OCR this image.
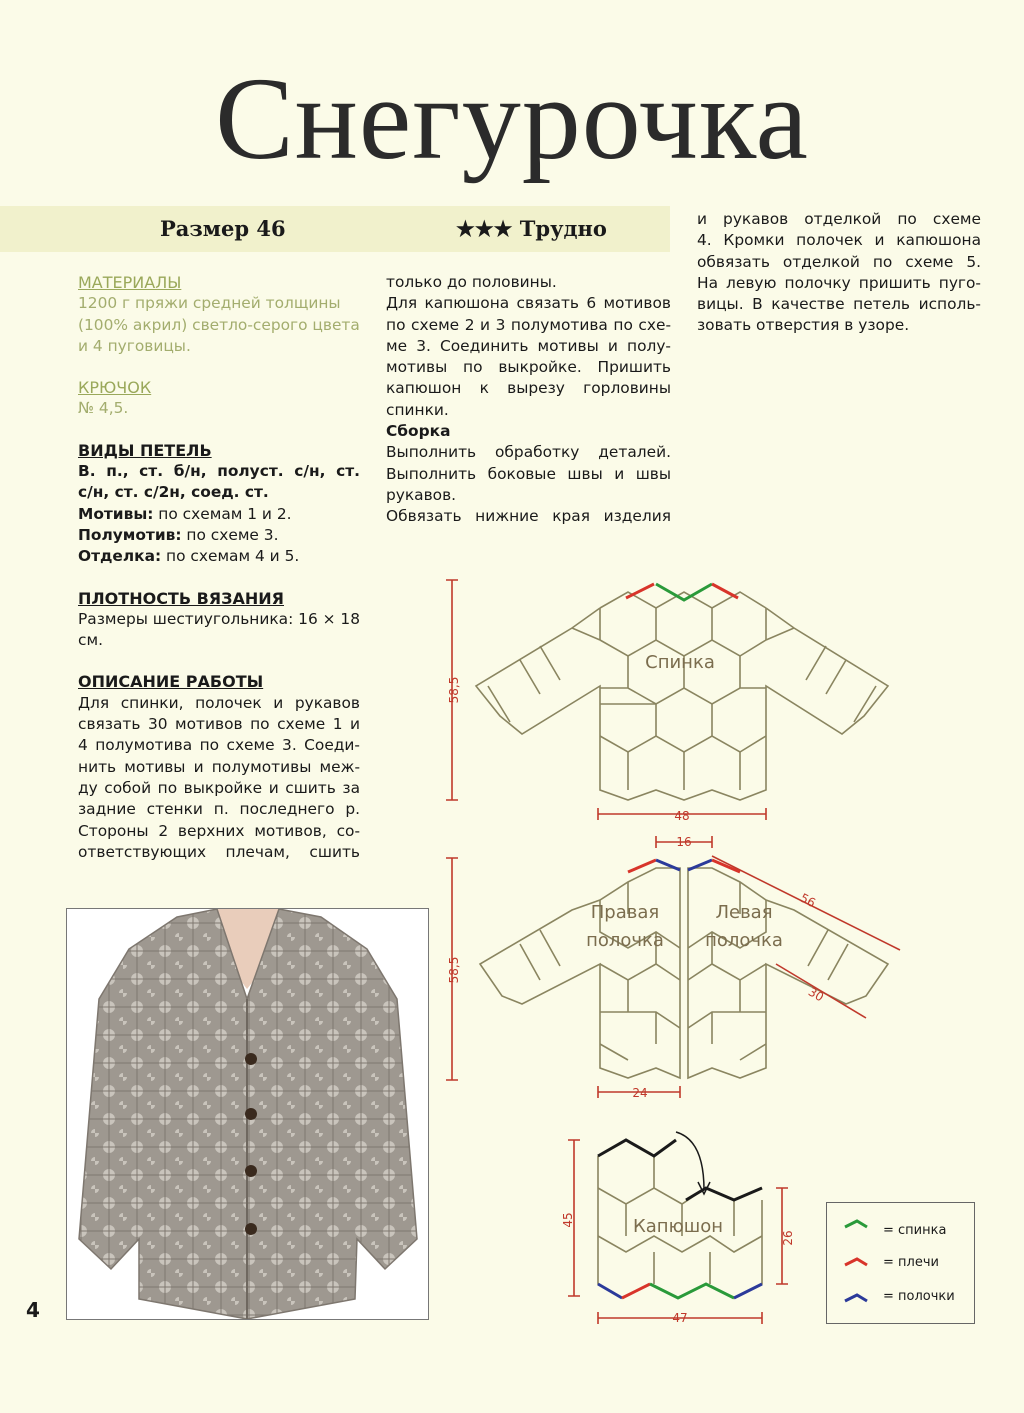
Снегурочка
Размер 46	★★★ Трудно

МАТЕРИАЛЫ

1200 г пряжи средней толщины

(100% акрил) светло-серого цвета

и 4 пуговицы.

КРЮЧОК

№ 4,5.

ВИДЫ ПЕТЕЛЬ

В. п., ст. б/н, полуст. с/н, ст.

с/н, ст. с/2н, соед. ст.

Мотивы: по схемам 1 и 2.

Полумотив: по схеме 3.

Отделка: по схемам 4 и 5.

ПЛОТНОСТЬ ВЯЗАНИЯ

Размеры шестиугольника: 16 × 18 см.

ОПИСАНИЕ РАБОТЫ

Для спинки, полочек и рукавов

связать 30 мотивов по схеме 1 и

4 полумотива по схеме 3. Соеди-

нить мотивы и полумотивы меж-

ду собой по выкройке и сшить за

задние стенки п. последнего р.

Стороны 2 верхних мотивов, со-

ответствующих плечам, сшить

только до половины.

Для капюшона связать 6 мотивов

по схеме 2 и 3 полумотива по схе-

ме 3. Соединить мотивы и полу-

мотивы по выкройке. Пришить

капюшон к вырезу горловины

спинки.

Сборка

Выполнить обработку деталей.

Выполнить боковые швы и швы

рукавов.

Обвязать нижние края изделия

и рукавов отделкой по схеме

4. Кромки полочек и капюшона

обвязать отделкой по схеме 5.

На левую полочку пришить пуго-

вицы. В качестве петель исполь-

зовать отверстия в узоре.

Спинка
Правая
полочка
Левая
полочка
Капюшон
58,5
48
16
58,5
56
30
24
45
26
47
= спинка
= плечи
= полочки
4
